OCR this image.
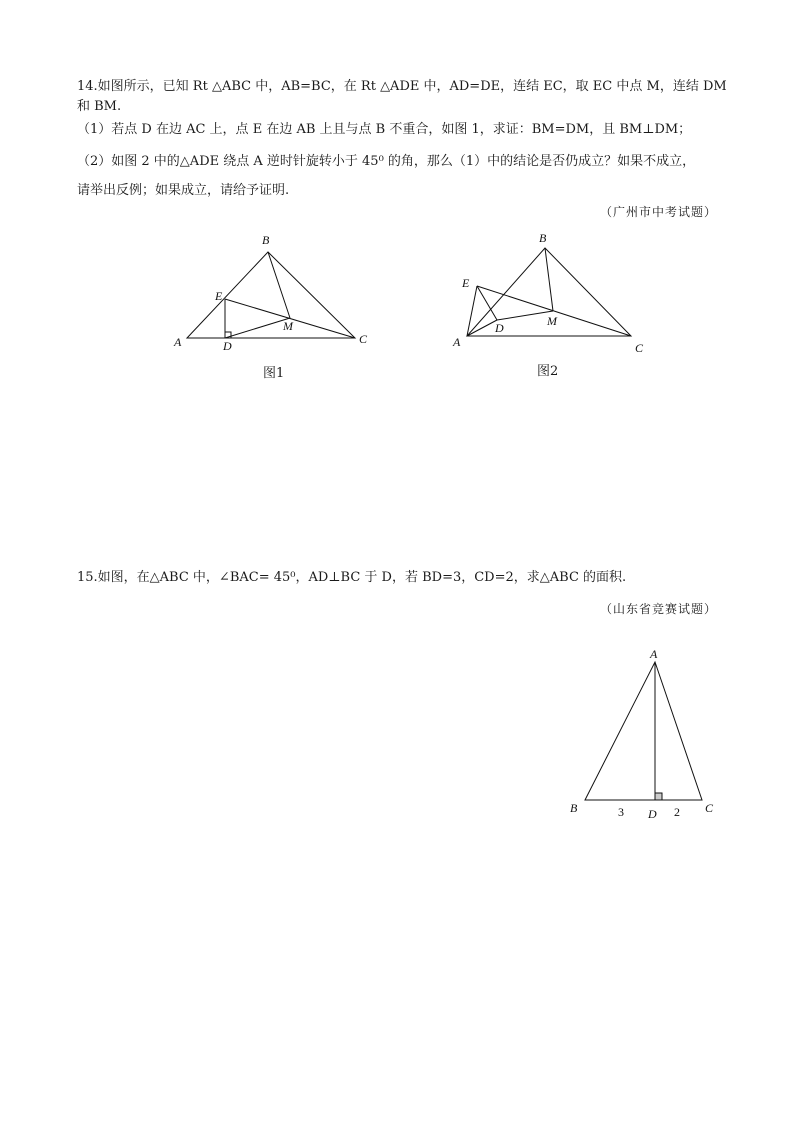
14.如图所示，已知 Rt △ABC 中，AB=BC，在 Rt △ADE 中，AD=DE，连结 EC，取 EC 中点 M，连结 DM
和 BM.
（1）若点 D 在边 AC 上，点 E 在边 AB 上且与点 B 不重合，如图 1，求证：BM=DM，且 BM⊥DM；
（2）如图 2 中的△ADE 绕点 A 逆时针旋转小于 45⁰ 的角，那么（1）中的结论是否仍成立？如果不成立，
请举出反例；如果成立，请给予证明.
（广州市中考试题）
B
E
M
A	D	C
图1
B
E
D	M
A	C
图2
15.如图，在△ABC 中，∠BAC= 45⁰，AD⊥BC 于 D，若 BD=3，CD=2，求△ABC 的面积.
（山东省竞赛试题）
A
B	C
D
3	2
